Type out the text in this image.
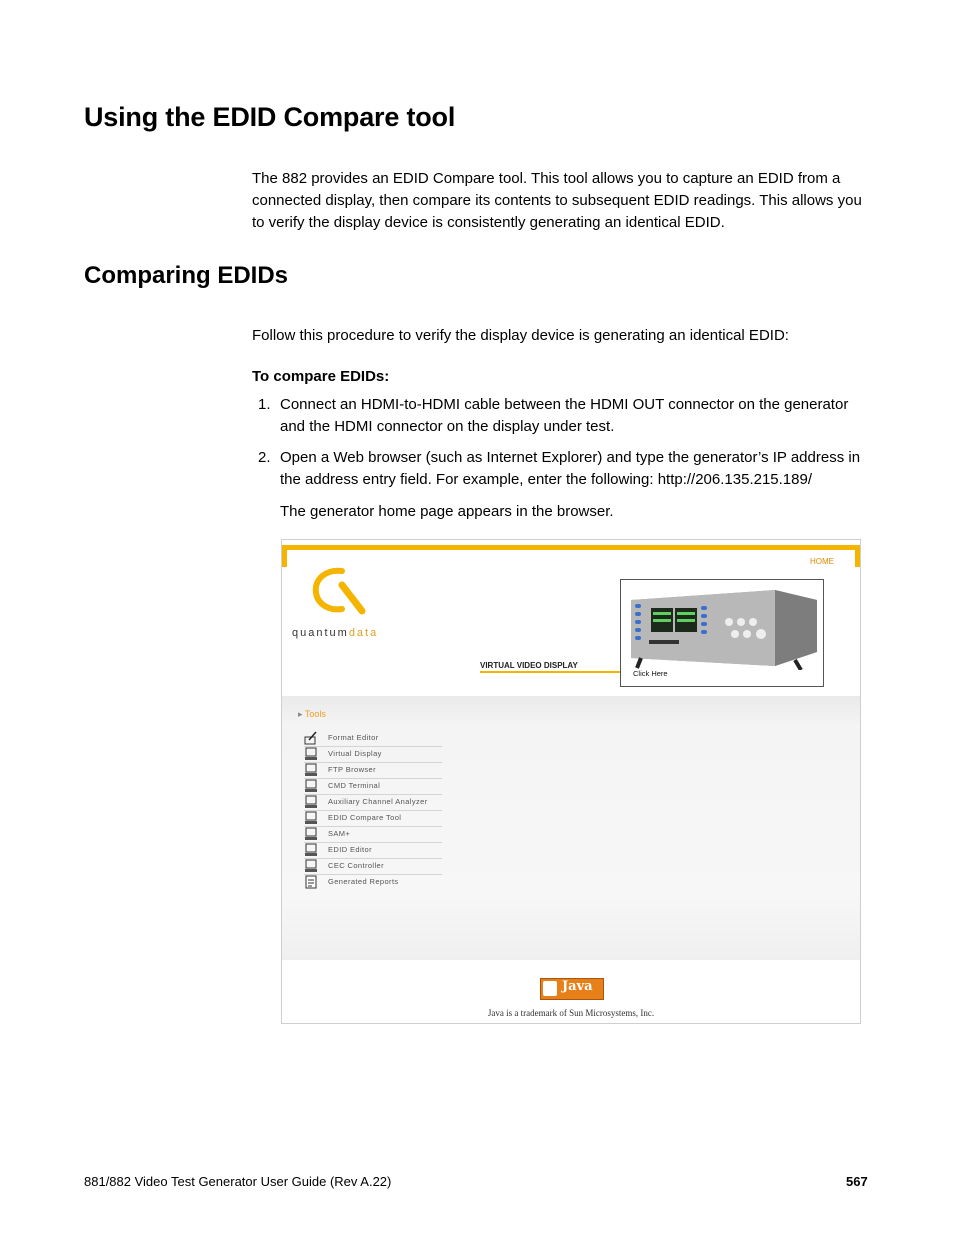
Using the EDID Compare tool

The 882 provides an EDID Compare tool. This tool allows you to capture an EDID from a connected display, then compare its contents to subsequent EDID readings. This allows you to verify the display device is consistently generating an identical EDID.

Comparing EDIDs

Follow this procedure to verify the display device is generating an identical EDID:

To compare EDIDs:

1. Connect an HDMI-to-HDMI cable between the HDMI OUT connector on the generator and the HDMI connector on the display under test.
2. Open a Web browser (such as Internet Explorer) and type the generator’s IP address in the address entry field. For example, enter the following: http://206.135.215.189/
The generator home page appears in the browser.
HOME
quantumdata
VIRTUAL VIDEO DISPLAY
Click Here
▸ Tools
Format Editor
Virtual Display
FTP Browser
CMD Terminal
Auxiliary Channel Analyzer
EDID Compare Tool
SAM+
EDID Editor
CEC Controller
Generated Reports
Java
Java is a trademark of Sun Microsystems, Inc.
881/882 Video Test Generator User Guide (Rev A.22)	567
